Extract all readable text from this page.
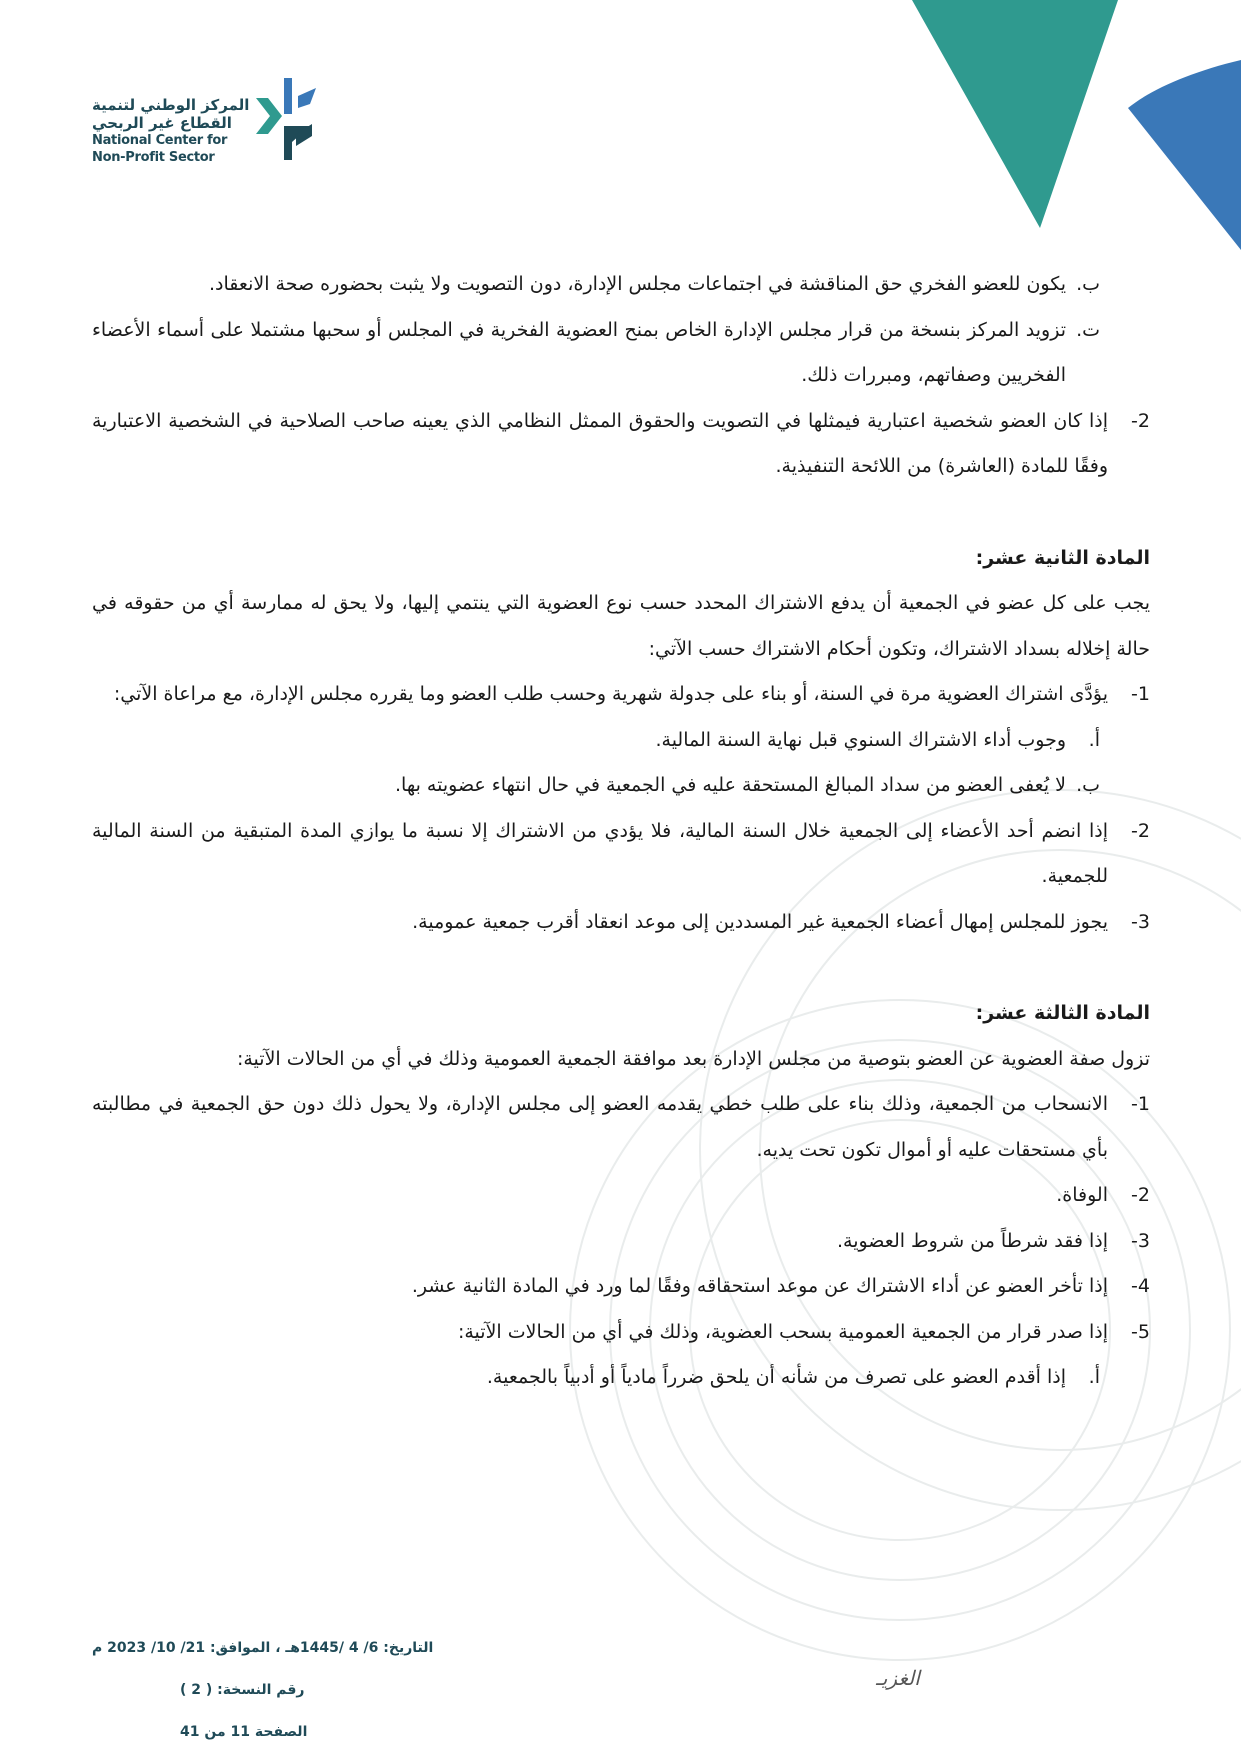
المركز الوطني لتنمية
القطاع غير الربحي
National Center for
Non-Profit Sector
ب.
يكون للعضو الفخري حق المناقشة في اجتماعات مجلس الإدارة، دون التصويت ولا يثبت بحضوره صحة الانعقاد.
ت.
تزويد المركز بنسخة من قرار مجلس الإدارة الخاص بمنح العضوية الفخرية في المجلس أو سحبها مشتملا على أسماء الأعضاء الفخريين وصفاتهم، ومبررات ذلك.
2-
إذا كان العضو شخصية اعتبارية فيمثلها في التصويت والحقوق الممثل النظامي الذي يعينه صاحب الصلاحية في الشخصية الاعتبارية وفقًا للمادة (العاشرة) من اللائحة التنفيذية.

المادة الثانية عشر:

يجب على كل عضو في الجمعية أن يدفع الاشتراك المحدد حسب نوع العضوية التي ينتمي إليها، ولا يحق له ممارسة أي من حقوقه في حالة إخلاله بسداد الاشتراك، وتكون أحكام الاشتراك حسب الآتي:

1-
يؤدَّى اشتراك العضوية مرة في السنة، أو بناء على جدولة شهرية وحسب طلب العضو وما يقرره مجلس الإدارة، مع مراعاة الآتي:
أ.
وجوب أداء الاشتراك السنوي قبل نهاية السنة المالية.
ب.
لا يُعفى العضو من سداد المبالغ المستحقة عليه في الجمعية في حال انتهاء عضويته بها.
2-
إذا انضم أحد الأعضاء إلى الجمعية خلال السنة المالية، فلا يؤدي من الاشتراك إلا نسبة ما يوازي المدة المتبقية من السنة المالية للجمعية.
3-
يجوز للمجلس إمهال أعضاء الجمعية غير المسددين إلى موعد انعقاد أقرب جمعية عمومية.

المادة الثالثة عشر:

تزول صفة العضوية عن العضو بتوصية من مجلس الإدارة بعد موافقة الجمعية العمومية وذلك في أي من الحالات الآتية:

1-
الانسحاب من الجمعية، وذلك بناء على طلب خطي يقدمه العضو إلى مجلس الإدارة، ولا يحول ذلك دون حق الجمعية في مطالبته بأي مستحقات عليه أو أموال تكون تحت يديه.
2-
الوفاة.
3-
إذا فقد شرطاً من شروط العضوية.
4-
إذا تأخر العضو عن أداء الاشتراك عن موعد استحقاقه وفقًا لما ورد في المادة الثانية عشر.
5-
إذا صدر قرار من الجمعية العمومية بسحب العضوية، وذلك في أي من الحالات الآتية:
أ.
إذا أقدم العضو على تصرف من شأنه أن يلحق ضرراً مادياً أو أدبياً بالجمعية.
التاريخ: 6/ 4 /1445هـ ، الموافق: 21/ 10/ 2023 م
رقم النسخة: ( 2 )
الصفحة 11 من 41
الغزيـ
